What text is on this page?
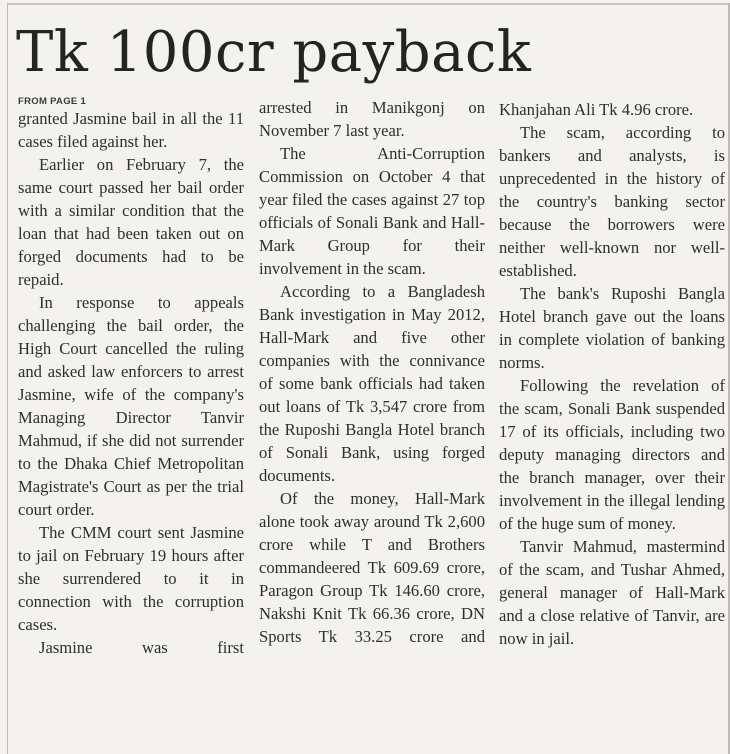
Tk 100cr payback
FROM PAGE 1

granted Jasmine bail in all the 11 cases filed against her.

Earlier on February 7, the same court passed her bail order with a similar condition that the loan that had been taken out on forged documents had to be repaid.

In response to appeals challenging the bail order, the High Court cancelled the ruling and asked law enforcers to arrest Jasmine, wife of the company's Managing Director Tanvir Mahmud, if she did not surrender to the Dhaka Chief Metropolitan Magistrate's Court as per the trial court order.

The CMM court sent Jasmine to jail on February 19 hours after she surrendered to it in connection with the corruption cases.

Jasmine was first

arrested in Manikgonj on November 7 last year.

The Anti-Corruption Commission on October 4 that year filed the cases against 27 top officials of Sonali Bank and Hall-Mark Group for their involvement in the scam.

According to a Bangladesh Bank investigation in May 2012, Hall-Mark and five other companies with the connivance of some bank officials had taken out loans of Tk 3,547 crore from the Ruposhi Bangla Hotel branch of Sonali Bank, using forged documents.

Of the money, Hall-Mark alone took away around Tk 2,600 crore while T and Brothers commandeered Tk 609.69 crore, Paragon Group Tk 146.60 crore, Nakshi Knit Tk 66.36 crore, DN Sports Tk 33.25 crore and

Khanjahan Ali Tk 4.96 crore.

The scam, according to bankers and analysts, is unprecedented in the history of the country's banking sector because the borrowers were neither well-known nor well-established.

The bank's Ruposhi Bangla Hotel branch gave out the loans in complete violation of banking norms.

Following the revelation of the scam, Sonali Bank suspended 17 of its officials, including two deputy managing directors and the branch manager, over their involvement in the illegal lending of the huge sum of money.

Tanvir Mahmud, mastermind of the scam, and Tushar Ahmed, general manager of Hall-Mark and a close relative of Tanvir, are now in jail.
